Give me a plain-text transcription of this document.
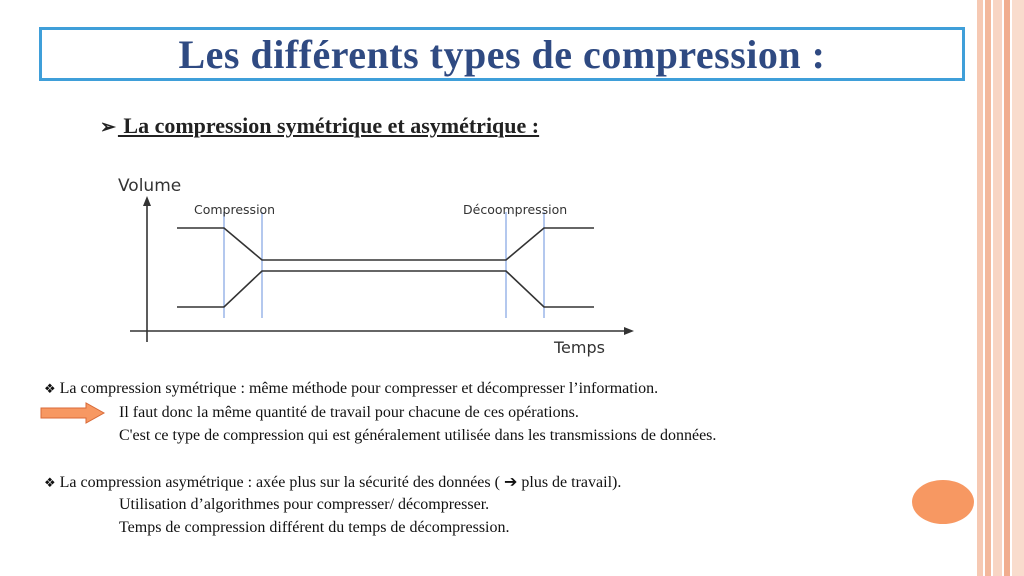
Les différents types de compression :
➢ La compression symétrique et asymétrique :
Volume
Compression	Décoompression
Temps
❖ La compression symétrique : même méthode pour compresser et décompresser l’information.
Il faut donc la même quantité de travail pour chacune de ces opérations.
C'est ce type de compression qui est généralement utilisée dans les transmissions de données.
❖ La compression asymétrique : axée plus sur la sécurité des données ( ➔ plus de travail).
Utilisation d’algorithmes pour compresser/ décompresser.
Temps de compression différent du temps de décompression.
